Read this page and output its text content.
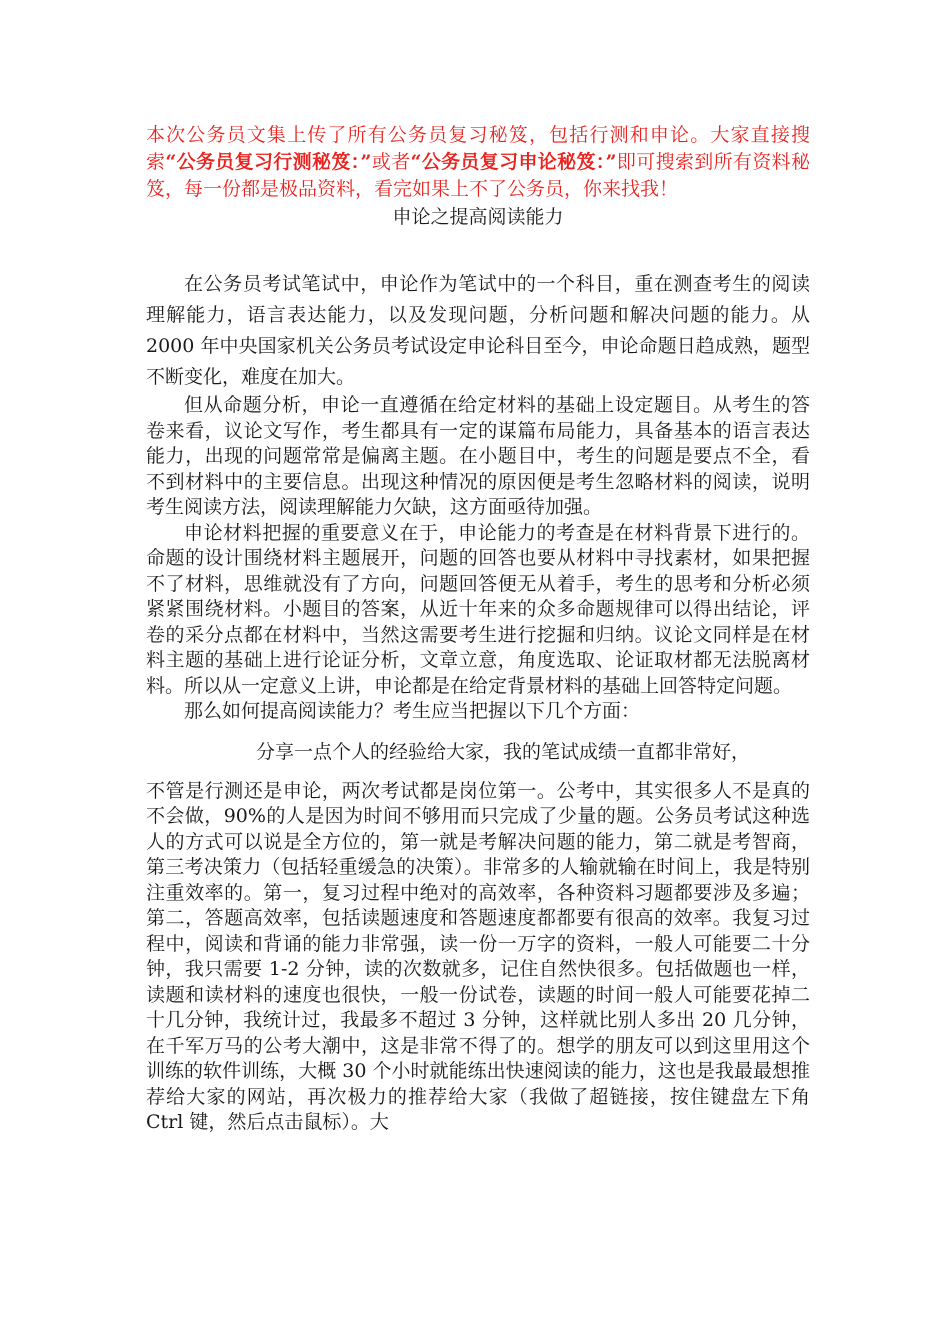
本次公务员文集上传了所有公务员复习秘笈，包括行测和申论。大家直接搜索“公务员复习行测秘笈：”或者“公务员复习申论秘笈：”即可搜索到所有资料秘笈，每一份都是极品资料，看完如果上不了公务员，你来找我！

申论之提高阅读能力

在公务员考试笔试中，申论作为笔试中的一个科目，重在测查考生的阅读理解能力，语言表达能力，以及发现问题，分析问题和解决问题的能力。从 2000 年中央国家机关公务员考试设定申论科目至今，申论命题日趋成熟，题型不断变化，难度在加大。

但从命题分析，申论一直遵循在给定材料的基础上设定题目。从考生的答卷来看，议论文写作，考生都具有一定的谋篇布局能力，具备基本的语言表达能力，出现的问题常常是偏离主题。在小题目中，考生的问题是要点不全，看不到材料中的主要信息。出现这种情况的原因便是考生忽略材料的阅读，说明考生阅读方法，阅读理解能力欠缺，这方面亟待加强。

申论材料把握的重要意义在于，申论能力的考查是在材料背景下进行的。命题的设计围绕材料主题展开，问题的回答也要从材料中寻找素材，如果把握不了材料，思维就没有了方向，问题回答便无从着手，考生的思考和分析必须紧紧围绕材料。小题目的答案，从近十年来的众多命题规律可以得出结论，评卷的采分点都在材料中，当然这需要考生进行挖掘和归纳。议论文同样是在材料主题的基础上进行论证分析，文章立意，角度选取、论证取材都无法脱离材料。所以从一定意义上讲，申论都是在给定背景材料的基础上回答特定问题。

那么如何提高阅读能力？考生应当把握以下几个方面：

分享一点个人的经验给大家，我的笔试成绩一直都非常好，

不管是行测还是申论，两次考试都是岗位第一。公考中，其实很多人不是真的不会做，90%的人是因为时间不够用而只完成了少量的题。公务员考试这种选人的方式可以说是全方位的，第一就是考解决问题的能力，第二就是考智商，第三考决策力（包括轻重缓急的决策）。非常多的人输就输在时间上，我是特别注重效率的。第一，复习过程中绝对的高效率，各种资料习题都要涉及多遍；第二，答题高效率，包括读题速度和答题速度都都要有很高的效率。我复习过程中，阅读和背诵的能力非常强，读一份一万字的资料，一般人可能要二十分钟，我只需要 1-2 分钟，读的次数就多，记住自然快很多。包括做题也一样，读题和读材料的速度也很快，一般一份试卷，读题的时间一般人可能要花掉二十几分钟，我统计过，我最多不超过 3 分钟，这样就比别人多出 20 几分钟，在千军万马的公考大潮中，这是非常不得了的。想学的朋友可以到这里用这个训练的软件训练，大概 30 个小时就能练出快速阅读的能力，这也是我最最想推荐给大家的网站，再次极力的推荐给大家（我做了超链接，按住键盘左下角 Ctrl 键，然后点击鼠标）。大
